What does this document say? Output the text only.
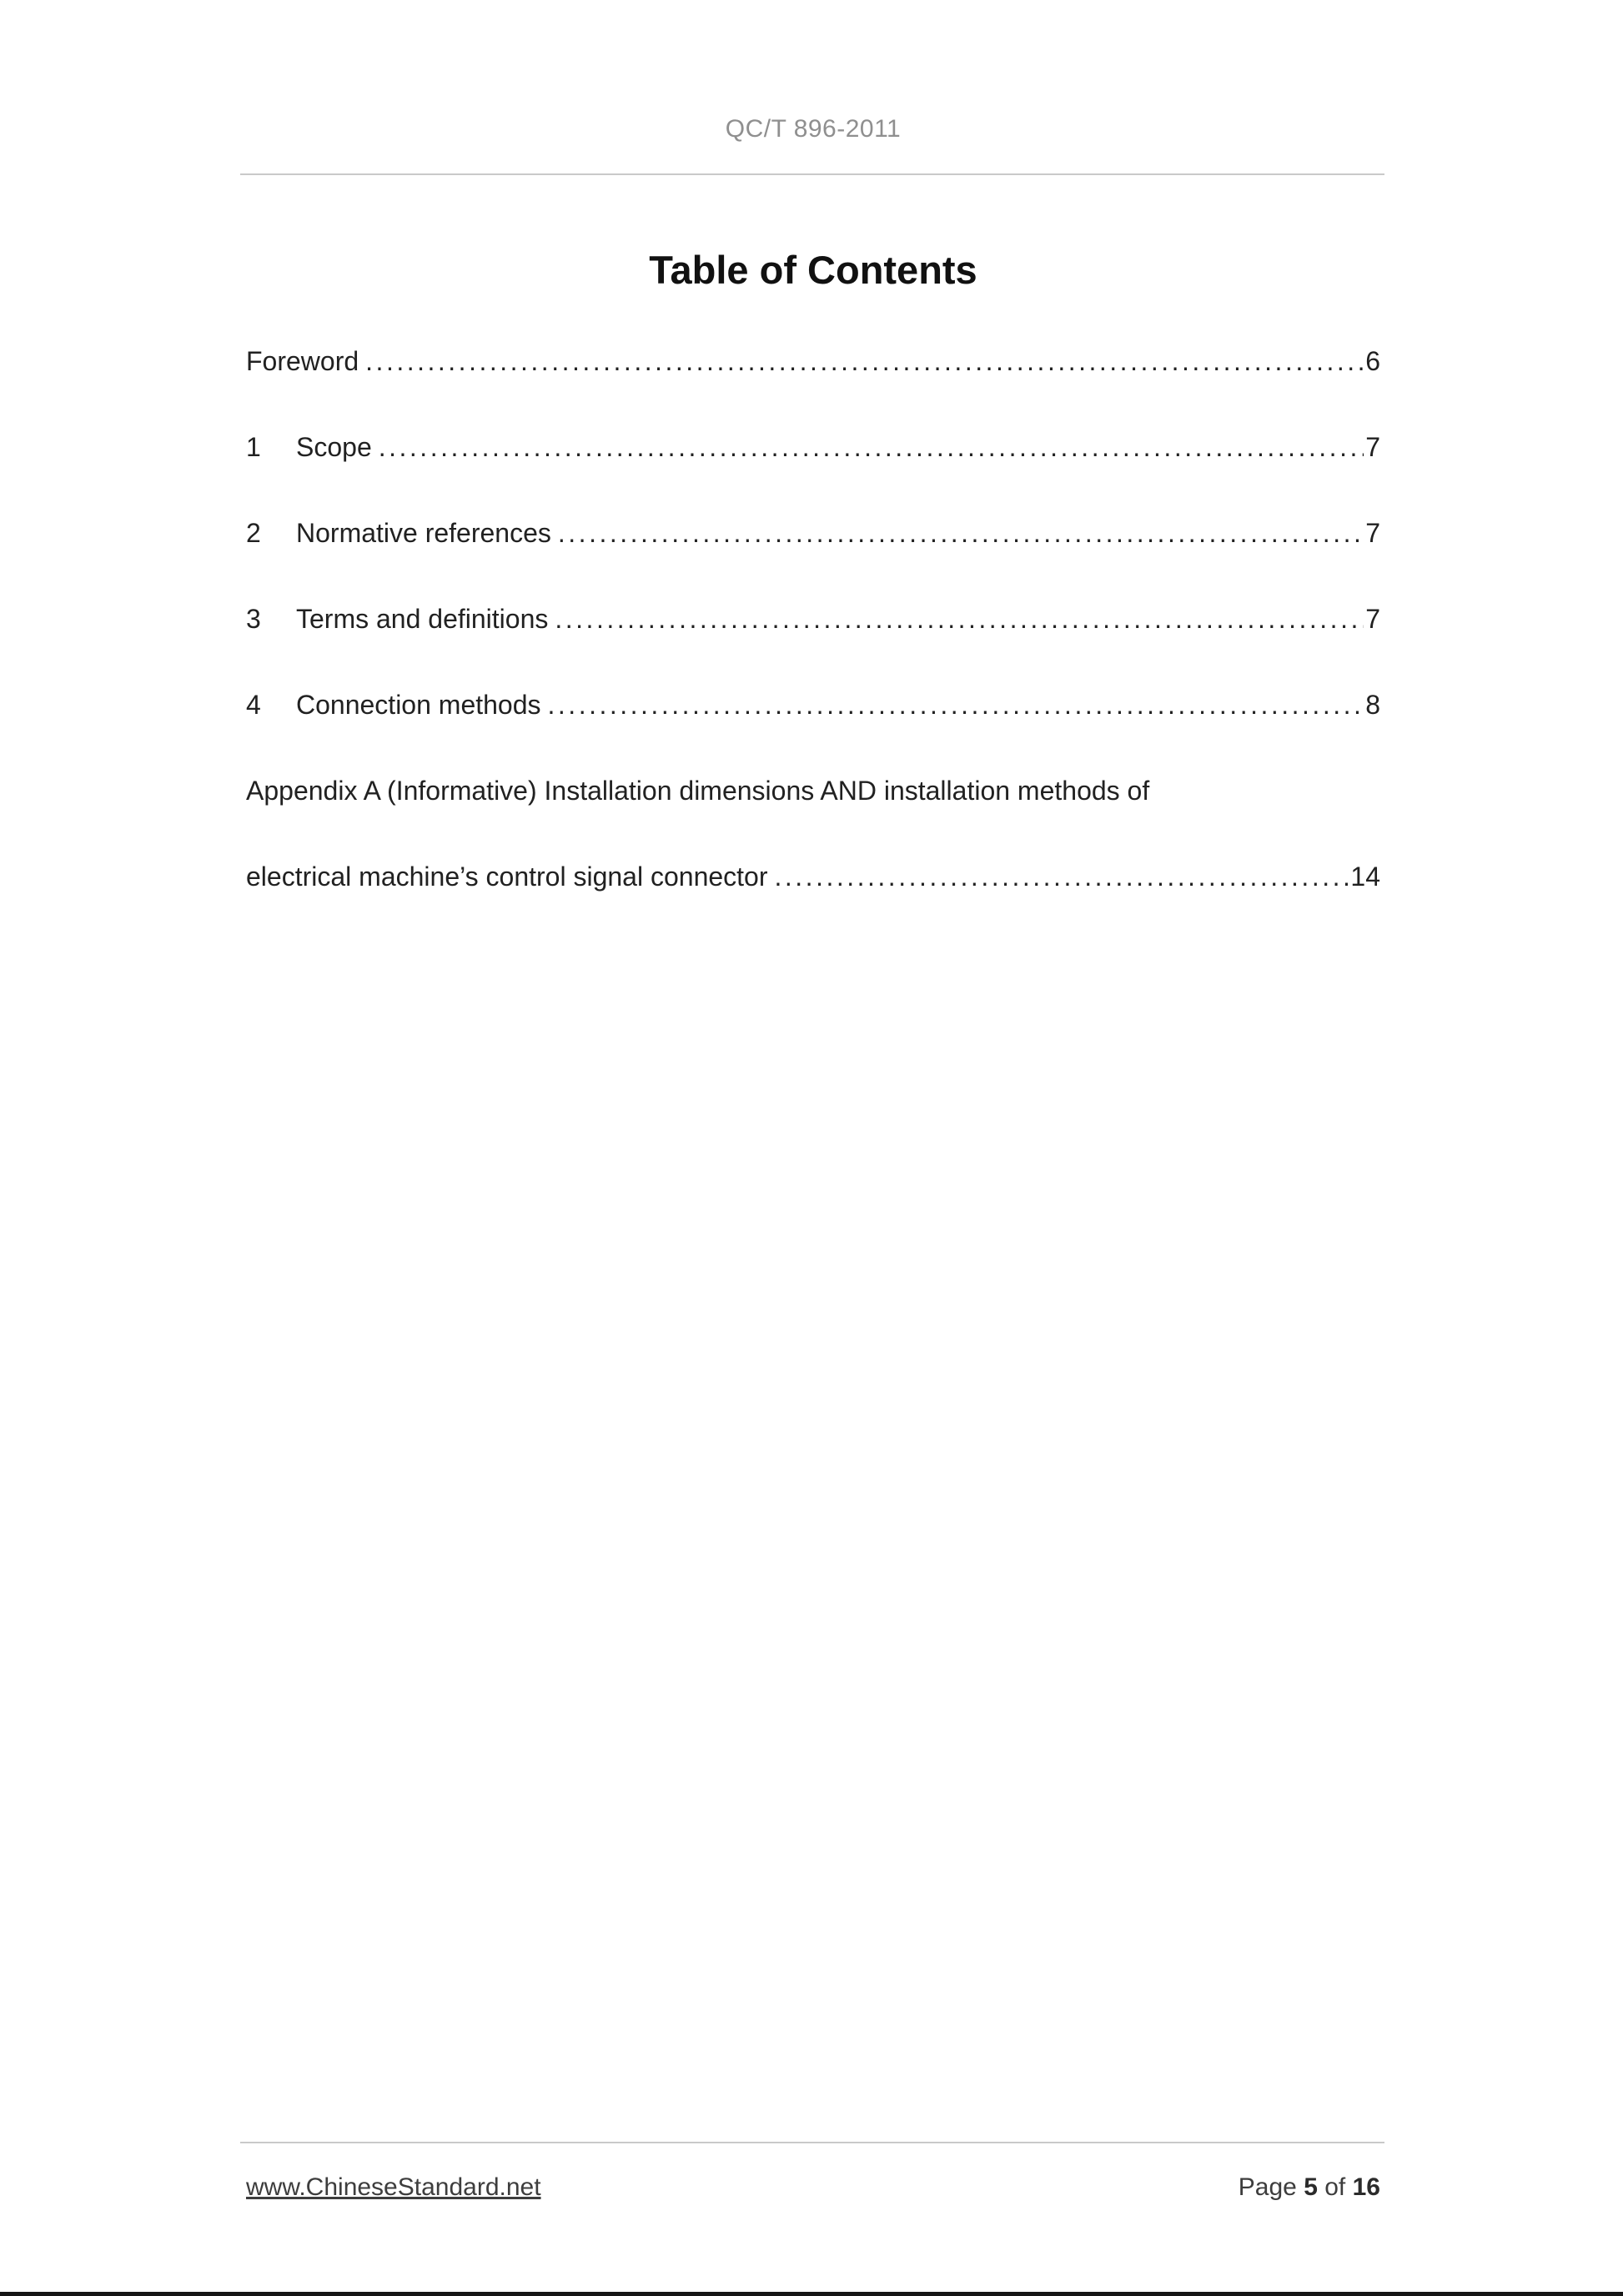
QC/T 896-2011
Table of Contents
Foreword .....	6
1	Scope .....	7
2	Normative references .....	7
3	Terms and definitions .....	7
4	Connection methods .....	8
Appendix A (Informative) Installation dimensions AND installation methods of
electrical machine’s control signal connector .....	14
www.ChineseStandard.net	Page 5 of 16
